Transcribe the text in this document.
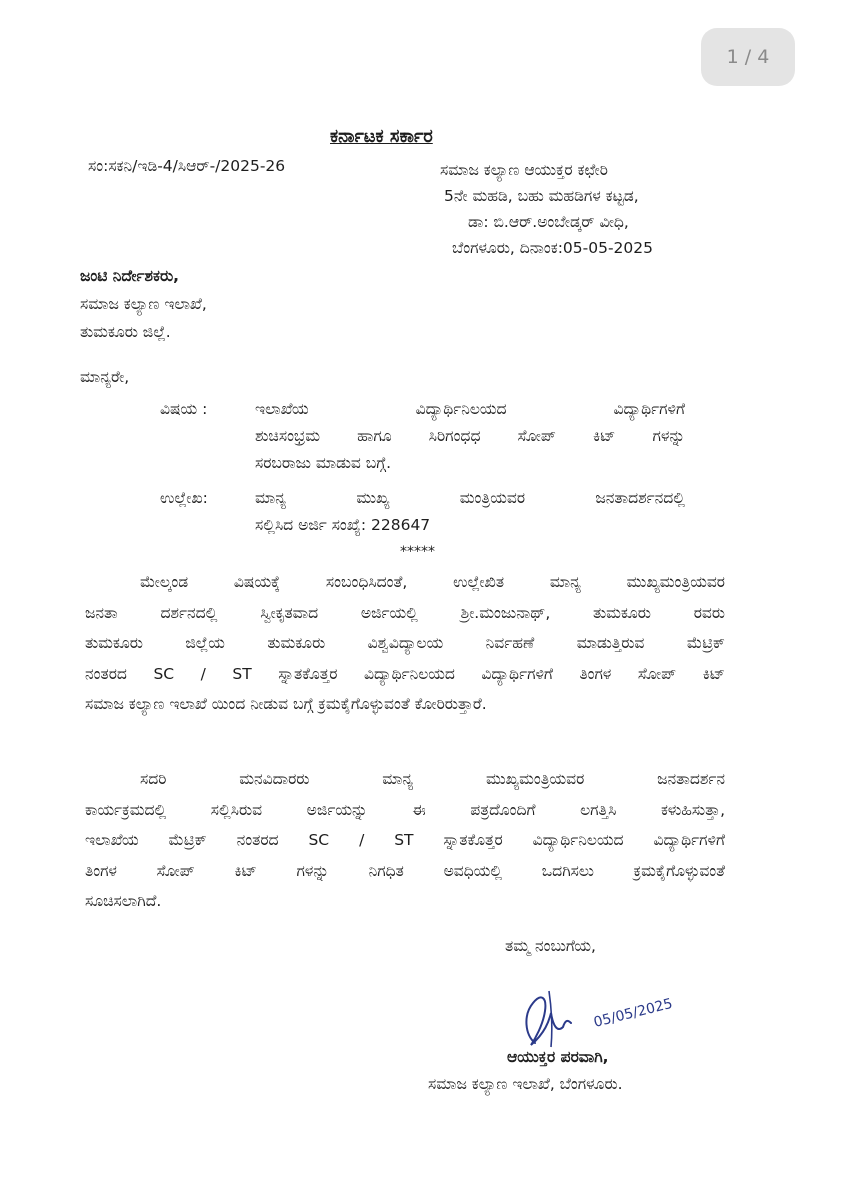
1 / 4
ಕರ್ನಾಟಕ ಸರ್ಕಾರ
ಸಂ:ಸಕನಿ/ಇಡಿ-4/ಸಿಆರ್-/2025-26	ಸಮಾಜ ಕಲ್ಯಾಣ ಆಯುಕ್ತರ ಕಛೇರಿ
5ನೇ ಮಹಡಿ, ಬಹು ಮಹಡಿಗಳ ಕಟ್ಟಡ,
ಡಾ: ಬಿ.ಆರ್.ಅಂಬೇಡ್ಕರ್ ವೀಧಿ,
ಬೆಂಗಳೂರು, ದಿನಾಂಕ:05-05-2025
ಜಂಟಿ ನಿರ್ದೇಶಕರು,
ಸಮಾಜ ಕಲ್ಯಾಣ ಇಲಾಖೆ,
ತುಮಕೂರು ಜಿಲ್ಲೆ.
ಮಾನ್ಯರೇ,
ವಿಷಯ :	ಇಲಾಖೆಯ ವಿದ್ಯಾರ್ಥಿನಿಲಯದ ವಿದ್ಯಾರ್ಥಿಗಳಿಗೆ
ಶುಚಿಸಂಭ್ರಮ ಹಾಗೂ ಸಿರಿಗಂಧಧ ಸೋಪ್ ಕಿಟ್ ಗಳನ್ನು
ಸರಬರಾಜು ಮಾಡುವ ಬಗ್ಗೆ.
ಉಲ್ಲೇಖ:	ಮಾನ್ಯ ಮುಖ್ಯ ಮಂತ್ರಿಯವರ ಜನತಾದರ್ಶನದಲ್ಲಿ
ಸಲ್ಲಿಸಿದ ಅರ್ಜಿ ಸಂಖ್ಯೆ: 228647
*****
ಮೇಲ್ಕಂಡ ವಿಷಯಕ್ಕೆ ಸಂಬಂಧಿಸಿದಂತೆ, ಉಲ್ಲೇಖಿತ ಮಾನ್ಯ ಮುಖ್ಯಮಂತ್ರಿಯವರ
ಜನತಾ ದರ್ಶನದಲ್ಲಿ ಸ್ವೀಕೃತವಾದ ಅರ್ಜಿಯಲ್ಲಿ ಶ್ರೀ.ಮಂಜುನಾಥ್, ತುಮಕೂರು ರವರು
ತುಮಕೂರು ಜಿಲ್ಲೆಯ ತುಮಕೂರು ವಿಶ್ವವಿದ್ಯಾಲಯ ನಿರ್ವಹಣೆ ಮಾಡುತ್ತಿರುವ ಮೆಟ್ರಿಕ್
ನಂತರದ SC / ST ಸ್ನಾತಕೊತ್ತರ ವಿದ್ಯಾರ್ಥಿನಿಲಯದ ವಿದ್ಯಾರ್ಥಿಗಳಿಗೆ ತಿಂಗಳ ಸೋಪ್ ಕಿಟ್
ಸಮಾಜ ಕಲ್ಯಾಣ ಇಲಾಖೆ ಯಿಂದ ನೀಡುವ ಬಗ್ಗೆ ಕ್ರಮಕೈಗೊಳ್ಳುವಂತೆ ಕೋರಿರುತ್ತಾರೆ.
ಸದರಿ ಮನವಿದಾರರು ಮಾನ್ಯ ಮುಖ್ಯಮಂತ್ರಿಯವರ ಜನತಾದರ್ಶನ
ಕಾರ್ಯಕ್ರಮದಲ್ಲಿ ಸಲ್ಲಿಸಿರುವ ಅರ್ಜಿಯನ್ನು ಈ ಪತ್ರದೊಂದಿಗೆ ಲಗತ್ತಿಸಿ ಕಳುಹಿಸುತ್ತಾ,
ಇಲಾಖೆಯ ಮೆಟ್ರಿಕ್ ನಂತರದ SC / ST ಸ್ನಾತಕೊತ್ತರ ವಿದ್ಯಾರ್ಥಿನಿಲಯದ ವಿದ್ಯಾರ್ಥಿಗಳಿಗೆ
ತಿಂಗಳ ಸೋಪ್ ಕಿಟ್ ಗಳನ್ನು ನಿಗಧಿತ ಅವಧಿಯಲ್ಲಿ ಒದಗಿಸಲು ಕ್ರಮಕೈಗೊಳ್ಳುವಂತೆ
ಸೂಚಿಸಲಾಗಿದೆ.
ತಮ್ಮ ನಂಬುಗೆಯ,
05/05/2025
ಆಯುಕ್ತರ ಪರವಾಗಿ,
ಸಮಾಜ ಕಲ್ಯಾಣ ಇಲಾಖೆ, ಬೆಂಗಳೂರು.
